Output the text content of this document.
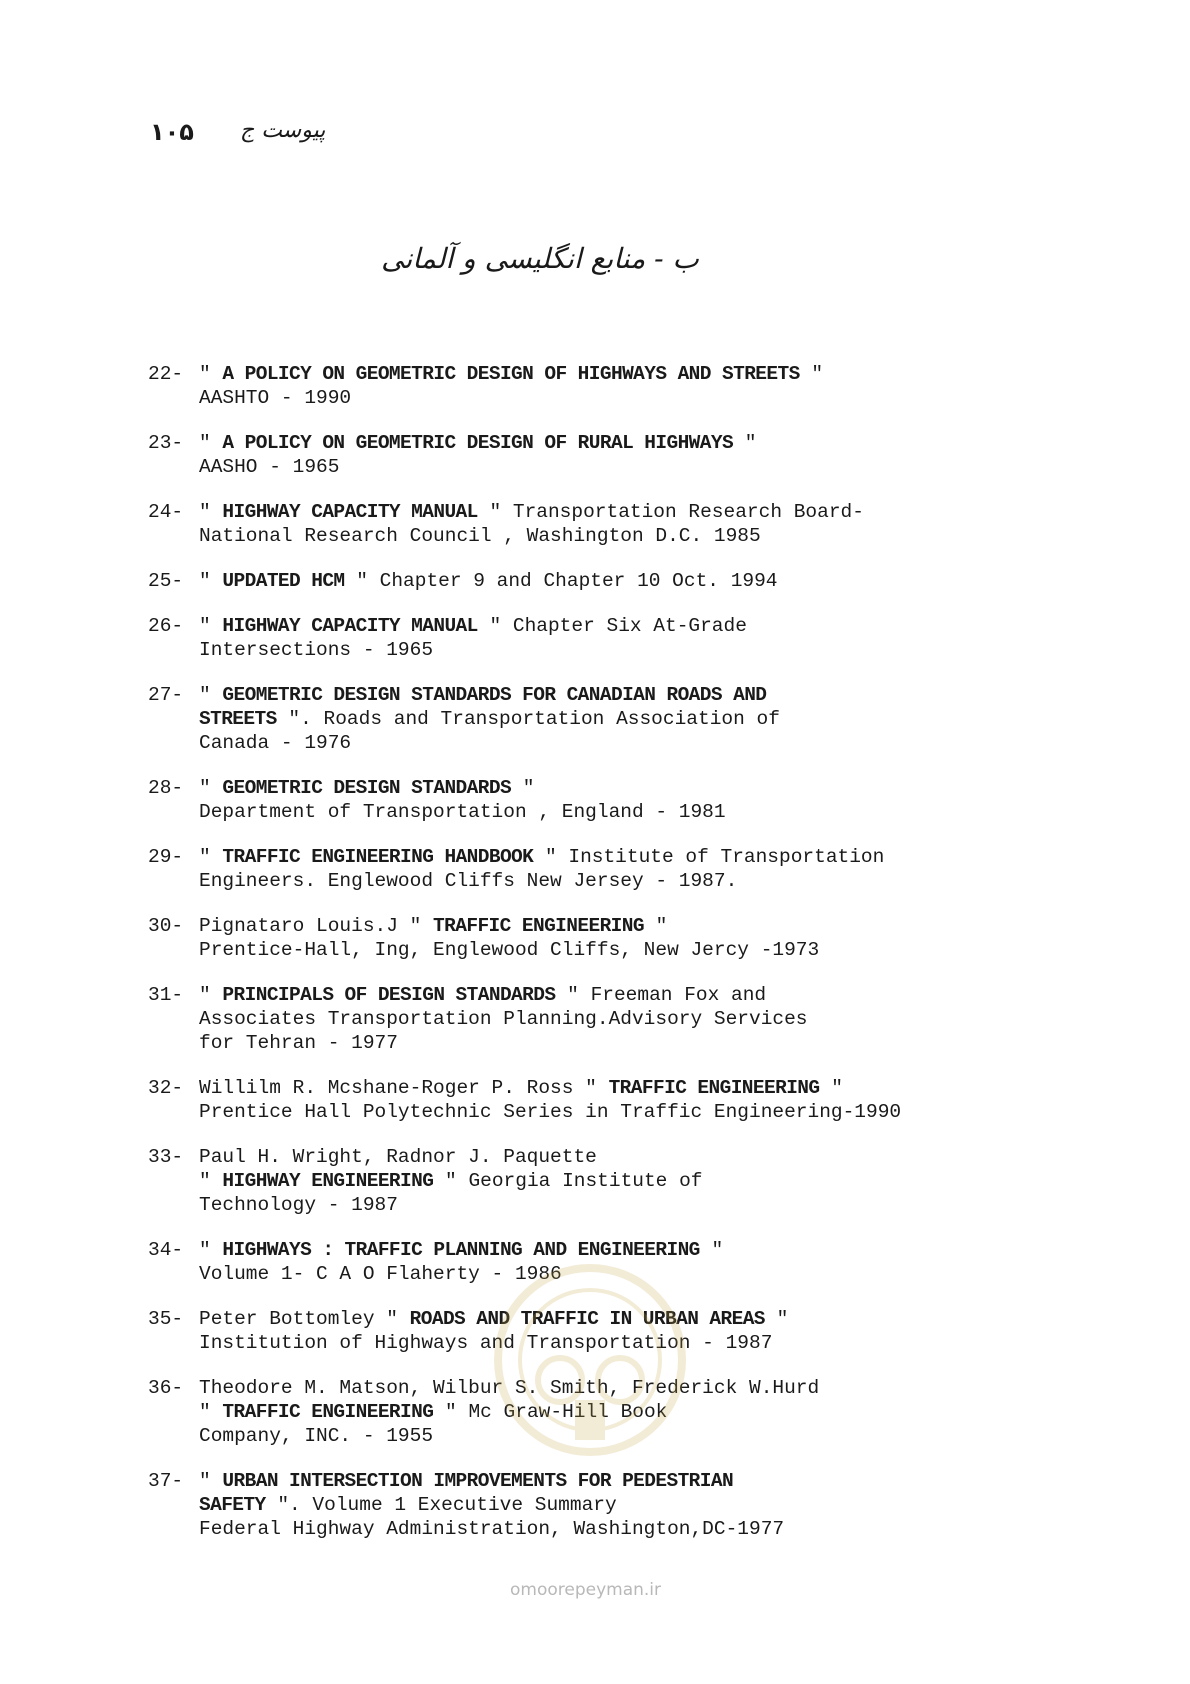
۱۰۵ پیوست ج
ب - منابع انگلیسی و آلمانی
22- " A POLICY ON GEOMETRIC DESIGN OF HIGHWAYS AND STREETS "
AASHTO - 1990
23- " A POLICY ON GEOMETRIC DESIGN OF RURAL HIGHWAYS "
AASHO - 1965
24- " HIGHWAY CAPACITY MANUAL " Transportation Research Board-
National Research Council , Washington D.C. 1985
25- " UPDATED HCM " Chapter 9 and Chapter 10 Oct. 1994
26- " HIGHWAY CAPACITY MANUAL " Chapter Six At-Grade
Intersections - 1965
27- " GEOMETRIC DESIGN STANDARDS FOR CANADIAN ROADS AND
STREETS ". Roads and Transportation Association of
Canada - 1976
28- " GEOMETRIC DESIGN STANDARDS "
Department of Transportation , England - 1981
29- " TRAFFIC ENGINEERING HANDBOOK " Institute of Transportation
Engineers. Englewood Cliffs New Jersey - 1987.
30- Pignataro Louis.J " TRAFFIC ENGINEERING "
Prentice-Hall, Ing, Englewood Cliffs, New Jercy -1973
31- " PRINCIPALS OF DESIGN STANDARDS " Freeman Fox and
Associates Transportation Planning.Advisory Services
for Tehran - 1977
32- Willilm R. Mcshane-Roger P. Ross " TRAFFIC ENGINEERING "
Prentice Hall Polytechnic Series in Traffic Engineering-1990
33- Paul H. Wright, Radnor J. Paquette
" HIGHWAY ENGINEERING " Georgia Institute of
Technology - 1987
34- " HIGHWAYS : TRAFFIC PLANNING AND ENGINEERING "
Volume 1- C A O Flaherty - 1986
35- Peter Bottomley " ROADS AND TRAFFIC IN URBAN AREAS "
Institution of Highways and Transportation - 1987
36- Theodore M. Matson, Wilbur S. Smith, Frederick W.Hurd
" TRAFFIC ENGINEERING " Mc Graw-Hill Book
Company, INC. - 1955
37- " URBAN INTERSECTION IMPROVEMENTS FOR PEDESTRIAN
SAFETY ". Volume 1 Executive Summary
Federal Highway Administration, Washington,DC-1977
omoorepeyman.ir
